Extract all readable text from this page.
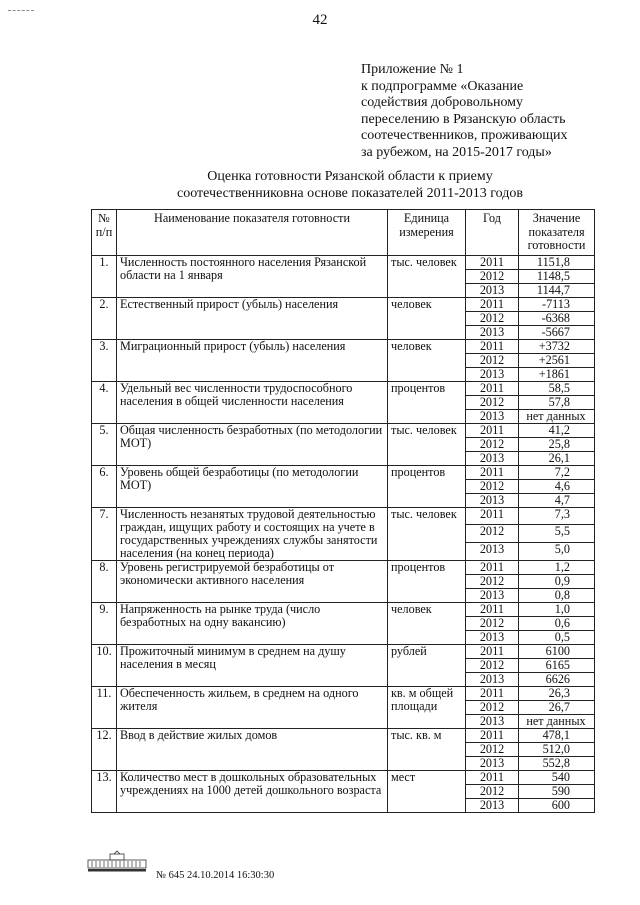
42
Приложение № 1
к подпрограмме «Оказание
содействия добровольному
переселению в Рязанскую область
соотечественников, проживающих
за рубежом, на 2015-2017 годы»
Оценка готовности Рязанской области к приему
соотечественниковна основе показателей 2011-2013 годов
№ п/п	Наименование показателя готовности	Единица измерения	Год	Значение показателя готовности
1.	Численность постоянного населения Рязанской области на 1 января	тыс. человек	2011	1151,8
			2012	1148,5
			2013	1144,7
2.	Естественный прирост (убыль) населения	человек	2011	-7113
			2012	-6368
			2013	-5667
3.	Миграционный прирост (убыль) населения	человек	2011	+3732
			2012	+2561
			2013	+1861
4.	Удельный вес численности трудоспособного населения в общей численности населения	процентов	2011	58,5
			2012	57,8
			2013	нет данных
5.	Общая численность безработных (по методологии МОТ)	тыс. человек	2011	41,2
			2012	25,8
			2013	26,1
6.	Уровень общей безработицы (по методологии МОТ)	процентов	2011	7,2
			2012	4,6
			2013	4,7
7.	Численность незанятых трудовой деятельностью граждан, ищущих работу и состоящих на учете в государственных учреждениях службы занятости населения (на конец периода)	тыс. человек	2011	7,3
			2012	5,5
			2013	5,0
8.	Уровень регистрируемой безработицы от экономически активного населения	процентов	2011	1,2
			2012	0,9
			2013	0,8
9.	Напряженность на рынке труда (число безработных на одну вакансию)	человек	2011	1,0
			2012	0,6
			2013	0,5
10.	Прожиточный минимум в среднем на душу населения в месяц	рублей	2011	6100
			2012	6165
			2013	6626
11.	Обеспеченность жильем, в среднем на одного жителя	кв. м общей площади	2011	26,3
			2012	26,7
			2013	нет данных
12.	Ввод в действие жилых домов	тыс. кв. м	2011	478,1
			2012	512,0
			2013	552,8
13.	Количество мест в дошкольных образовательных учреждениях на 1000 детей дошкольного возраста	мест	2011	540
			2012	590
			2013	600
№ 645 24.10.2014 16:30:30
